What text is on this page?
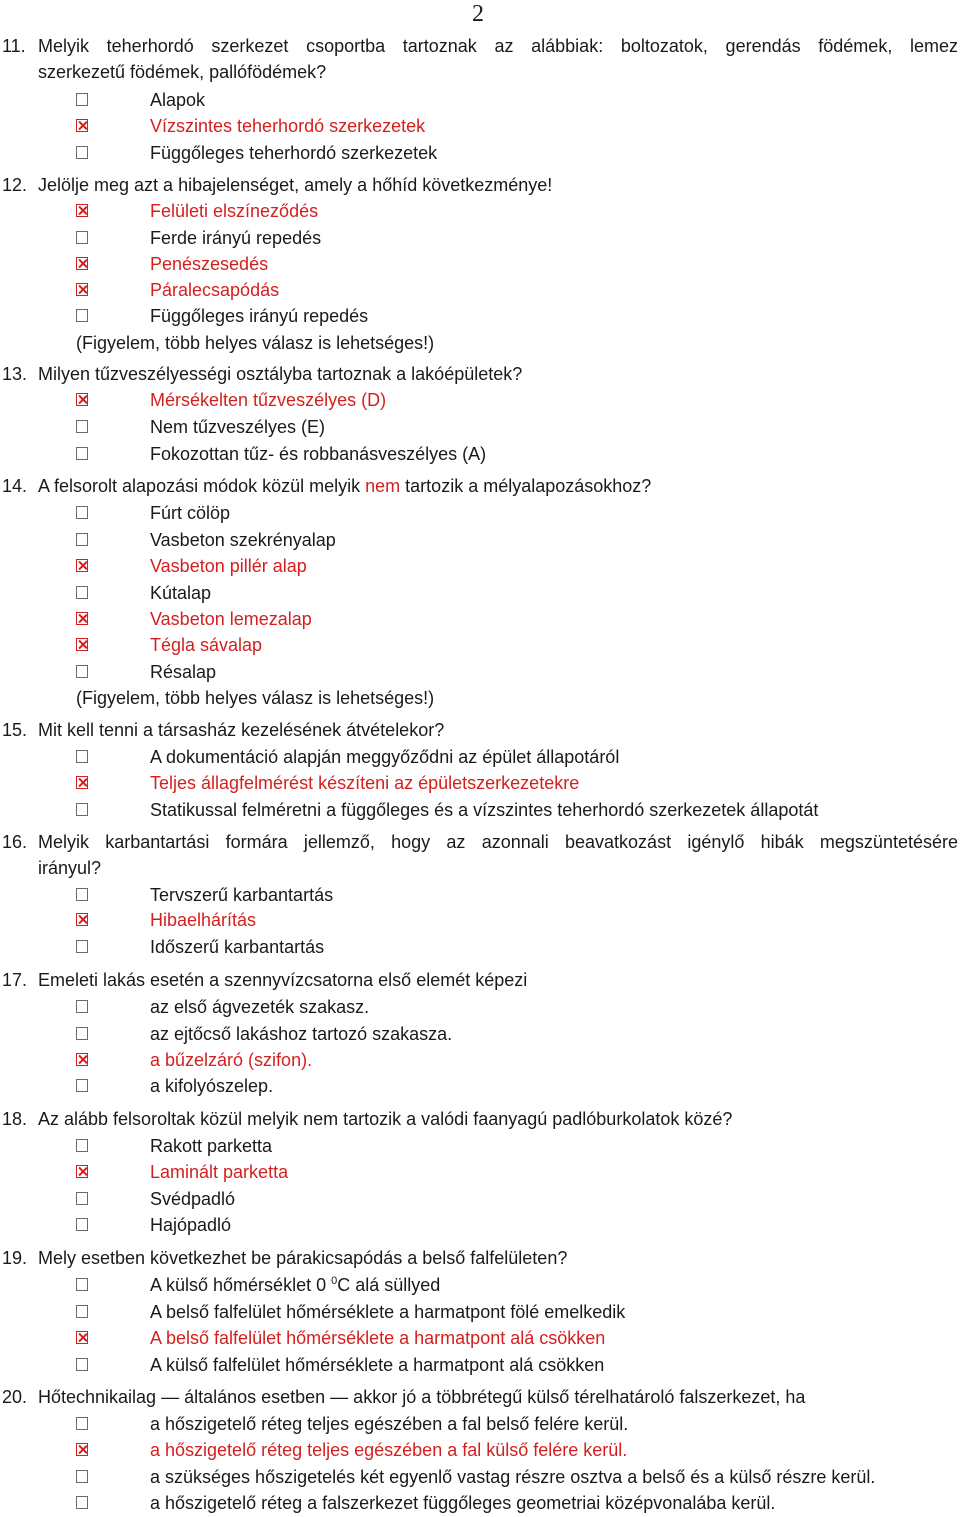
2
11. Melyik teherhordó szerkezet csoportba tartoznak az alábbiak: boltozatok, gerendás födémek, lemez
szerkezetű födémek, pallófödémek?
Alapok
Vízszintes teherhordó szerkezetek
Függőleges teherhordó szerkezetek
12. Jelölje meg azt a hibajelenséget, amely a hőhíd következménye!
Felületi elszíneződés
Ferde irányú repedés
Penészesedés
Páralecsapódás
Függőleges irányú repedés
(Figyelem, több helyes válasz is lehetséges!)
13. Milyen tűzveszélyességi osztályba tartoznak a lakóépületek?
Mérsékelten tűzveszélyes (D)
Nem tűzveszélyes (E)
Fokozottan tűz- és robbanásveszélyes (A)
14. A felsorolt alapozási módok közül melyik nem tartozik a mélyalapozásokhoz?
Fúrt cölöp
Vasbeton szekrényalap
Vasbeton pillér alap
Kútalap
Vasbeton lemezalap
Tégla sávalap
Résalap
(Figyelem, több helyes válasz is lehetséges!)
15. Mit kell tenni a társasház kezelésének átvételekor?
A dokumentáció alapján meggyőződni az épület állapotáról
Teljes állagfelmérést készíteni az épületszerkezetekre
Statikussal felméretni a függőleges és a vízszintes teherhordó szerkezetek állapotát
16. Melyik karbantartási formára jellemző, hogy az azonnali beavatkozást igénylő hibák megszüntetésére
irányul?
Tervszerű karbantartás
Hibaelhárítás
Időszerű karbantartás
17. Emeleti lakás esetén a szennyvízcsatorna első elemét képezi
az első ágvezeték szakasz.
az ejtőcső lakáshoz tartozó szakasza.
a bűzelzáró (szifon).
a kifolyószelep.
18. Az alább felsoroltak közül melyik nem tartozik a valódi faanyagú padlóburkolatok közé?
Rakott parketta
Laminált parketta
Svédpadló
Hajópadló
19. Mely esetben következhet be párakicsapódás a belső falfelületen?
A külső hőmérséklet 0 $^0$C alá süllyed
A belső falfelület hőmérséklete a harmatpont fölé emelkedik
A belső falfelület hőmérséklete a harmatpont alá csökken
A külső falfelület hőmérséklete a harmatpont alá csökken
20. Hőtechnikailag — általános esetben — akkor jó a többrétegű külső térelhatároló falszerkezet, ha
a hőszigetelő réteg teljes egészében a fal belső felére kerül.
a hőszigetelő réteg teljes egészében a fal külső felére kerül.
a szükséges hőszigetelés két egyenlő vastag részre osztva a belső és a külső részre kerül.
a hőszigetelő réteg a falszerkezet függőleges geometriai középvonalába kerül.
